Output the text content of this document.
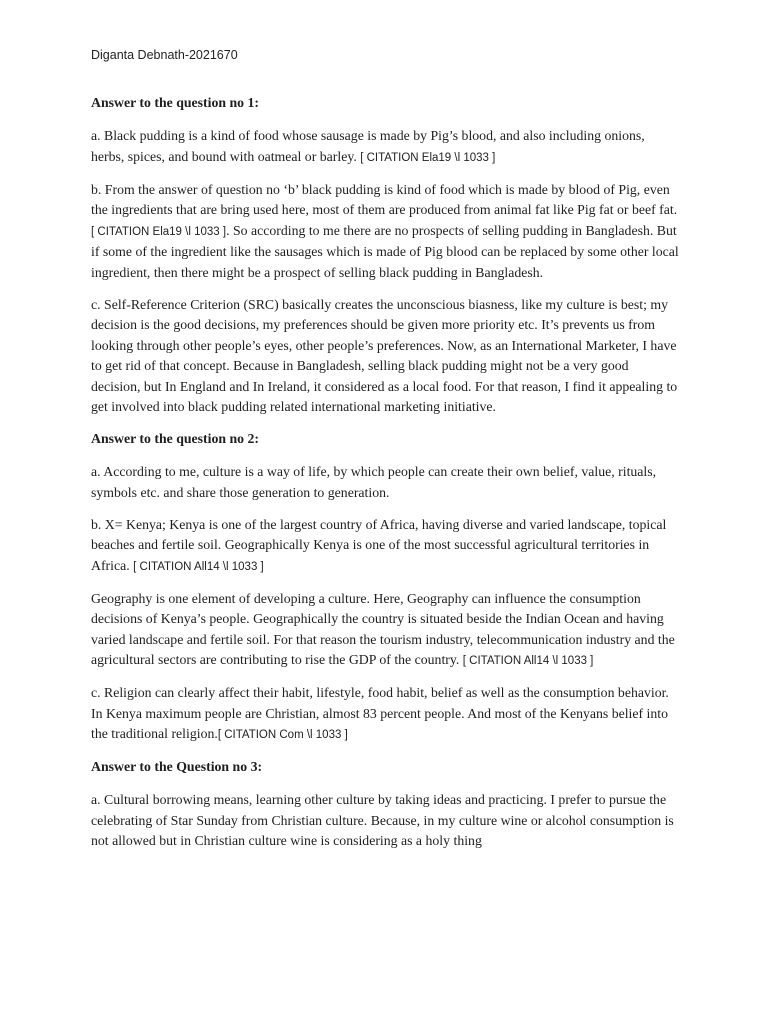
Diganta Debnath-2021670
Answer to the question no 1:

a. Black pudding is a kind of food whose sausage is made by Pig’s blood, and also including onions, herbs, spices, and bound with oatmeal or barley. [ CITATION Ela19 \l 1033 ]

b. From the answer of question no ‘b’ black pudding is kind of food which is made by blood of Pig, even the ingredients that are bring used here, most of them are produced from animal fat like Pig fat or beef fat. [ CITATION Ela19 \l 1033 ]. So according to me there are no prospects of selling pudding in Bangladesh. But if some of the ingredient like the sausages which is made of Pig blood can be replaced by some other local ingredient, then there might be a prospect of selling black pudding in Bangladesh.

c. Self-Reference Criterion (SRC) basically creates the unconscious biasness, like my culture is best; my decision is the good decisions, my preferences should be given more priority etc. It’s prevents us from looking through other people’s eyes, other people’s preferences. Now, as an International Marketer, I have to get rid of that concept. Because in Bangladesh, selling black pudding might not be a very good decision, but In England and In Ireland, it considered as a local food. For that reason, I find it appealing to get involved into black pudding related international marketing initiative.

Answer to the question no 2:

a. According to me, culture is a way of life, by which people can create their own belief, value, rituals, symbols etc. and share those generation to generation.

b. X= Kenya; Kenya is one of the largest country of Africa, having diverse and varied landscape, topical beaches and fertile soil. Geographically Kenya is one of the most successful agricultural territories in Africa. [ CITATION All14 \l 1033 ]

Geography is one element of developing a culture. Here, Geography can influence the consumption decisions of Kenya’s people. Geographically the country is situated beside the Indian Ocean and having varied landscape and fertile soil. For that reason the tourism industry, telecommunication industry and the agricultural sectors are contributing to rise the GDP of the country. [ CITATION All14 \l 1033 ]

c. Religion can clearly affect their habit, lifestyle, food habit, belief as well as the consumption behavior. In Kenya maximum people are Christian, almost 83 percent people. And most of the Kenyans belief into the traditional religion.[ CITATION Com \l 1033 ]

Answer to the Question no 3:

a. Cultural borrowing means, learning other culture by taking ideas and practicing. I prefer to pursue the celebrating of Star Sunday from Christian culture. Because, in my culture wine or alcohol consumption is not allowed but in Christian culture wine is considering as a holy thing
